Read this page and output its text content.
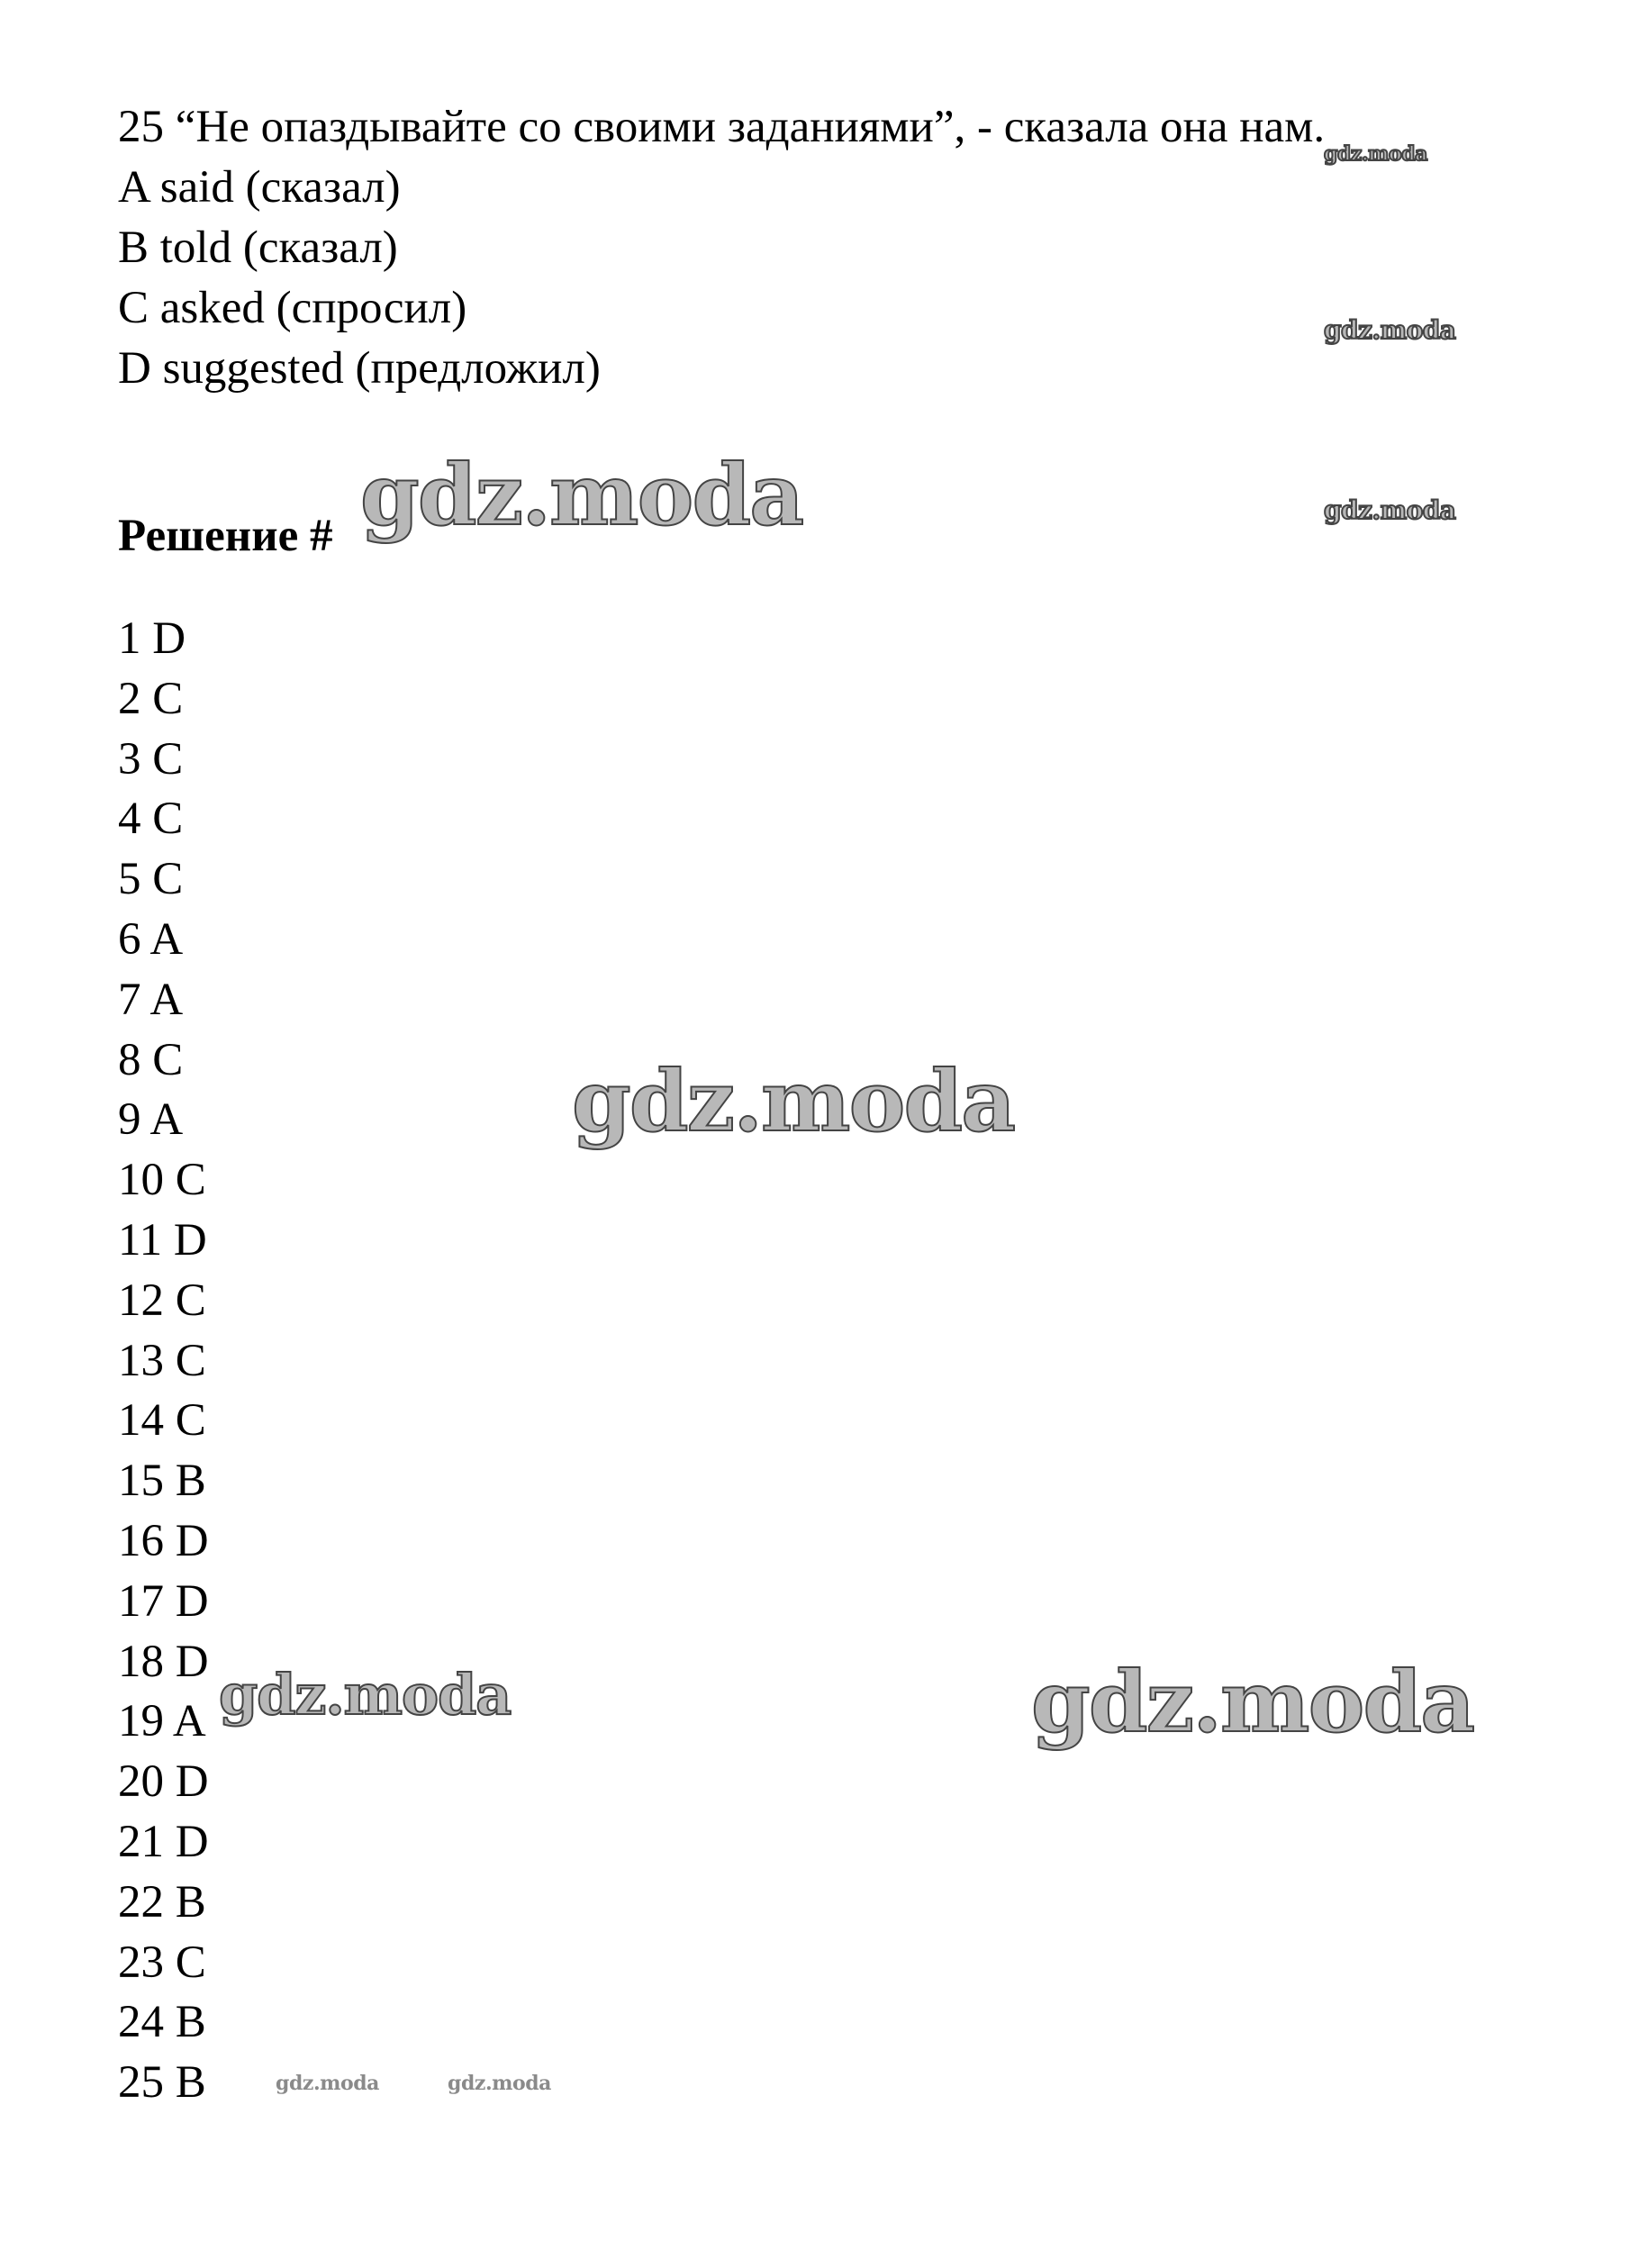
25 “Не опаздывайте со своими заданиями”, - сказала она нам.
A said (сказал)
B told (сказал)
C asked (спросил)
D suggested (предложил)
Решение #
1 D
2 C
3 C
4 C
5 C
6 A
7 A
8 C
9 A
10 C
11 D
12 C
13 C
14 C
15 B
16 D
17 D
18 D
19 A
20 D
21 D
22 B
23 C
24 B
25 B
gdz.moda
gdz.moda
gdz.moda	gdz.moda
gdz.moda
gdz.moda	gdz.moda
gdz.moda	gdz.moda
